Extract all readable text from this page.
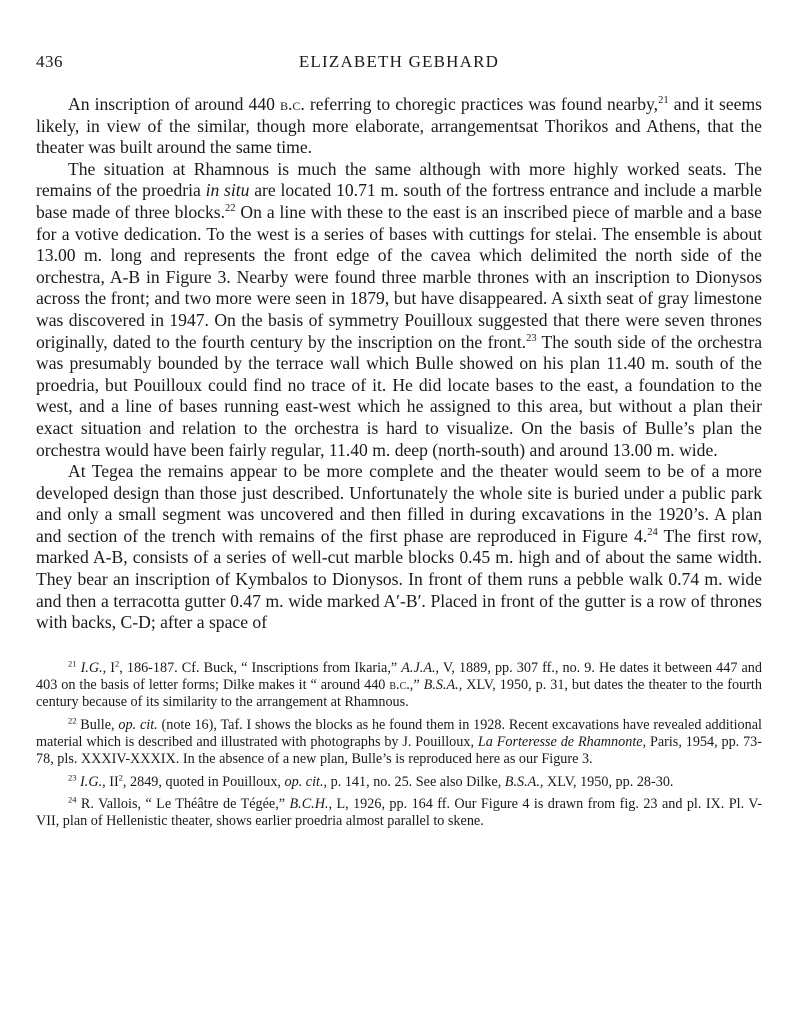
436	ELIZABETH GEBHARD

An inscription of around 440 b.c. referring to choregic practices was found nearby,$^{21}$ and it seems likely, in view of the similar, though more elaborate, arrangementsat Thorikos and Athens, that the theater was built around the same time.

The situation at Rhamnous is much the same although with more highly worked seats. The remains of the proedria in situ are located 10.71 m. south of the fortress entrance and include a marble base made of three blocks.$^{22}$ On a line with these to the east is an inscribed piece of marble and a base for a votive dedication. To the west is a series of bases with cuttings for stelai. The ensemble is about 13.00 m. long and represents the front edge of the cavea which delimited the north side of the orchestra, A-B in Figure 3. Nearby were found three marble thrones with an inscription to Dionysos across the front; and two more were seen in 1879, but have disappeared. A sixth seat of gray limestone was discovered in 1947. On the basis of symmetry Pouilloux suggested that there were seven thrones originally, dated to the fourth century by the inscription on the front.$^{23}$ The south side of the orchestra was presumably bounded by the terrace wall which Bulle showed on his plan 11.40 m. south of the proedria, but Pouilloux could find no trace of it. He did locate bases to the east, a foundation to the west, and a line of bases running east-west which he assigned to this area, but without a plan their exact situation and relation to the orchestra is hard to visualize. On the basis of Bulle’s plan the orchestra would have been fairly regular, 11.40 m. deep (north-south) and around 13.00 m. wide.

At Tegea the remains appear to be more complete and the theater would seem to be of a more developed design than those just described. Unfortunately the whole site is buried under a public park and only a small segment was uncovered and then filled in during excavations in the 1920’s. A plan and section of the trench with remains of the first phase are reproduced in Figure 4.24 The first row, marked A-B, consists of a series of well-cut marble blocks 0.45 m. high and of about the same width. They bear an inscription of Kymbalos to Dionysos. In front of them runs a pebble walk 0.74 m. wide and then a terracotta gutter 0.47 m. wide marked A′-B′. Placed in front of the gutter is a row of thrones with backs, C-D; after a space of

$^{21}$ I.G., $I^2$, 186-187. Cf. Buck, “ Inscriptions from Ikaria,” A.J.A., V, 1889, pp. 307 ff., no. 9. He dates it between 447 and 403 on the basis of letter forms; Dilke makes it “ around 440 b.c.,” B.S.A., XLV, 1950, p. 31, but dates the theater to the fourth century because of its similarity to the arrangement at Rhamnous.

$^{22}$ Bulle, op. cit. (note 16), Taf. I shows the blocks as he found them in 1928. Recent excavations have revealed additional material which is described and illustrated with photographs by J. Pouilloux, La Forteresse de Rhamnonte, Paris, 1954, pp. 73-78, pls. XXXIV-XXXIX. In the absence of a new plan, Bulle’s is reproduced here as our Figure 3.

$^{23}$ I.G., $II^2$, 2849, quoted in Pouilloux, op. cit., p. 141, no. 25. See also Dilke, B.S.A., XLV, 1950, pp. 28-30.

$^{24}$ R. Vallois, “ Le Théâtre de Tégée,” B.C.H., L, 1926, pp. 164 ff. Our Figure 4 is drawn from fig. 23 and pl. IX. Pl. V-VII, plan of Hellenistic theater, shows earlier proedria almost parallel to skene.
